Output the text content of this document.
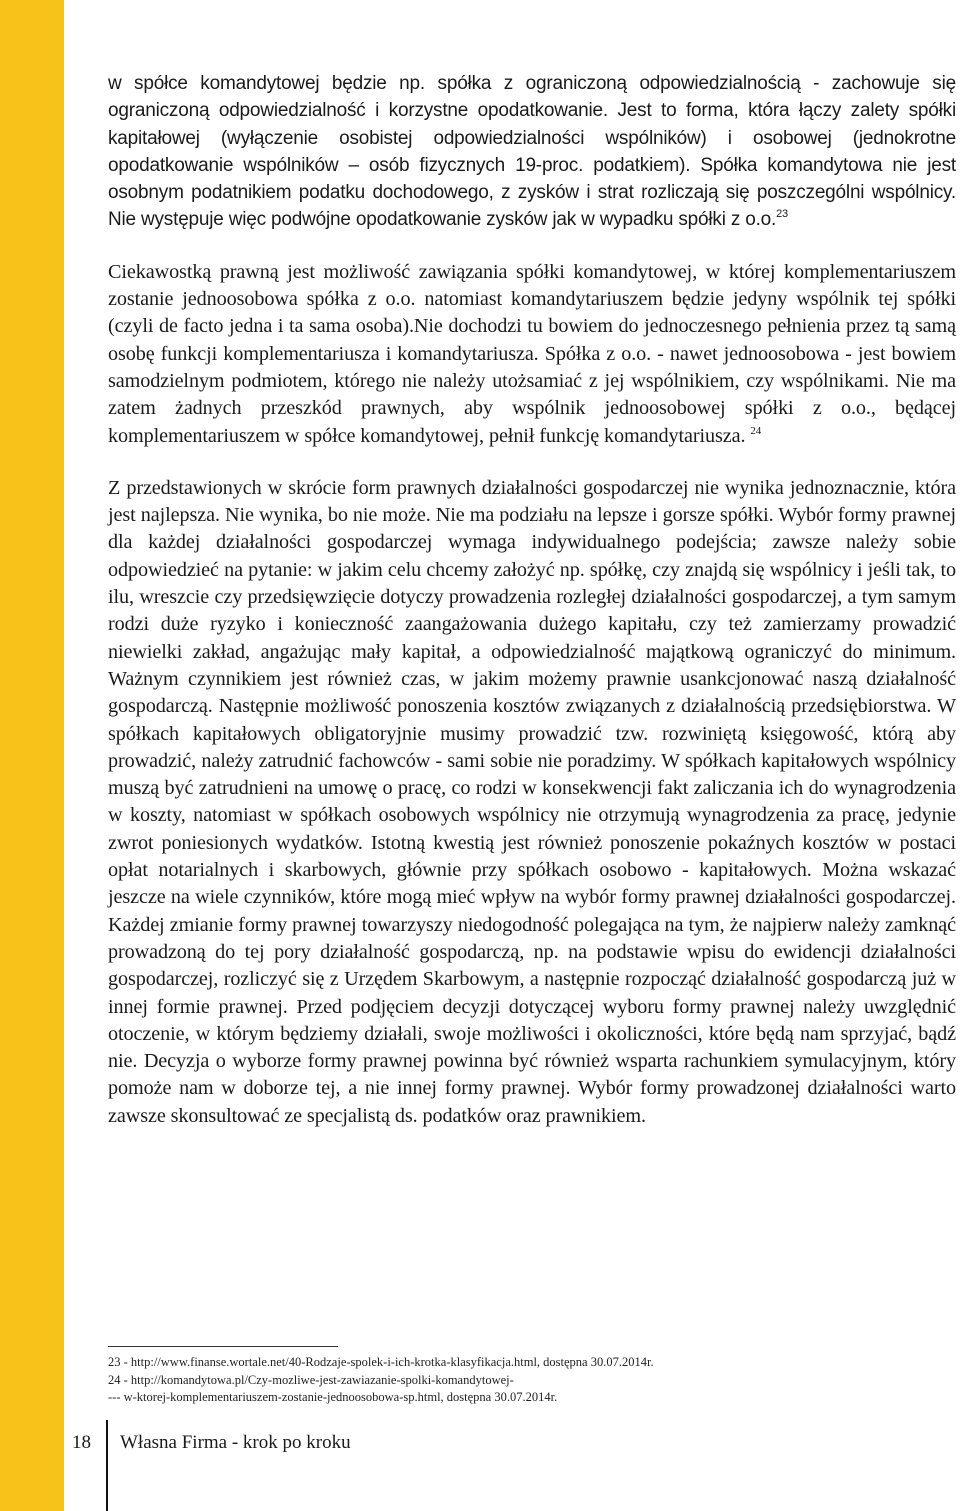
w spółce komandytowej będzie np. spółka z ograniczoną odpowiedzialnością - zachowuje się ograniczoną odpowiedzialność i korzystne opodatkowanie. Jest to forma, która łączy zalety spółki kapitałowej (wyłączenie osobistej odpowiedzialności wspólników) i osobowej (jednokrotne opodatkowanie wspólników – osób fizycznych 19-proc. podatkiem). Spółka komandytowa nie jest osobnym podatnikiem podatku dochodowego, z zysków i strat rozliczają się poszczególni wspólnicy. Nie występuje więc podwójne opodatkowanie zysków jak w wypadku spółki z o.o.$^{23}$

Ciekawostką prawną jest możliwość zawiązania spółki komandytowej, w której komplementariuszem zostanie jednoosobowa spółka z o.o. natomiast komandytariuszem będzie jedyny wspólnik tej spółki (czyli de facto jedna i ta sama osoba).Nie dochodzi tu bowiem do jednoczesnego pełnienia przez tą samą osobę funkcji komplementariusza i komandytariusza. Spółka z o.o. - nawet jednoosobowa - jest bowiem samodzielnym podmiotem, którego nie należy utożsamiać z jej wspólnikiem, czy wspólnikami. Nie ma zatem żadnych przeszkód prawnych, aby wspólnik jednoosobowej spółki z o.o., będącej komplementariuszem w spółce komandytowej, pełnił funkcję komandytariusza. $^{24}$

Z przedstawionych w skrócie form prawnych działalności gospodarczej nie wynika jednoznacznie, która jest najlepsza. Nie wynika, bo nie może. Nie ma podziału na lepsze i gorsze spółki. Wybór formy prawnej dla każdej działalności gospodarczej wymaga indywidualnego podejścia; zawsze należy sobie odpowiedzieć na pytanie: w jakim celu chcemy założyć np. spółkę, czy znajdą się wspólnicy i jeśli tak, to ilu, wreszcie czy przedsięwzięcie dotyczy prowadzenia rozległej działalności gospodarczej, a tym samym rodzi duże ryzyko i konieczność zaangażowania dużego kapitału, czy też zamierzamy prowadzić niewielki zakład, angażując mały kapitał, a odpowiedzialność majątkową ograniczyć do minimum. Ważnym czynnikiem jest również czas, w jakim możemy prawnie usankcjonować naszą działalność gospodarczą. Następnie możliwość ponoszenia kosztów związanych z działalnością przedsiębiorstwa. W spółkach kapitałowych obligatoryjnie musimy prowadzić tzw. rozwiniętą księgowość, którą aby prowadzić, należy zatrudnić fachowców - sami sobie nie poradzimy. W spółkach kapitałowych wspólnicy muszą być zatrudnieni na umowę o pracę, co rodzi w konsekwencji fakt zaliczania ich do wynagrodzenia w koszty, natomiast w spółkach osobowych wspólnicy nie otrzymują wynagrodzenia za pracę, jedynie zwrot poniesionych wydatków. Istotną kwestią jest również ponoszenie pokaźnych kosztów w postaci opłat notarialnych i skarbowych, głównie przy spółkach osobowo - kapitałowych. Można wskazać jeszcze na wiele czynników, które mogą mieć wpływ na wybór formy prawnej działalności gospodarczej. Każdej zmianie formy prawnej towarzyszy niedogodność polegająca na tym, że najpierw należy zamknąć prowadzoną do tej pory działalność gospodarczą, np. na podstawie wpisu do ewidencji działalności gospodarczej, rozliczyć się z Urzędem Skarbowym, a następnie rozpocząć działalność gospodarczą już w innej formie prawnej. Przed podjęciem decyzji dotyczącej wyboru formy prawnej należy uwzględnić otoczenie, w którym będziemy działali, swoje możliwości i okoliczności, które będą nam sprzyjać, bądź nie. Decyzja o wyborze formy prawnej powinna być również wsparta rachunkiem symulacyjnym, który pomoże nam w doborze tej, a nie innej formy prawnej. Wybór formy prowadzonej działalności warto zawsze skonsultować ze specjalistą ds. podatków oraz prawnikiem.

23 - http://www.finanse.wortale.net/40-Rodzaje-spolek-i-ich-krotka-klasyfikacja.html, dostępna 30.07.2014r.

24 - http://komandytowa.pl/Czy-mozliwe-jest-zawiazanie-spolki-komandytowej-

--- w-ktorej-komplementariuszem-zostanie-jednoosobowa-sp.html, dostępna 30.07.2014r.

18 Własna Firma - krok po kroku
